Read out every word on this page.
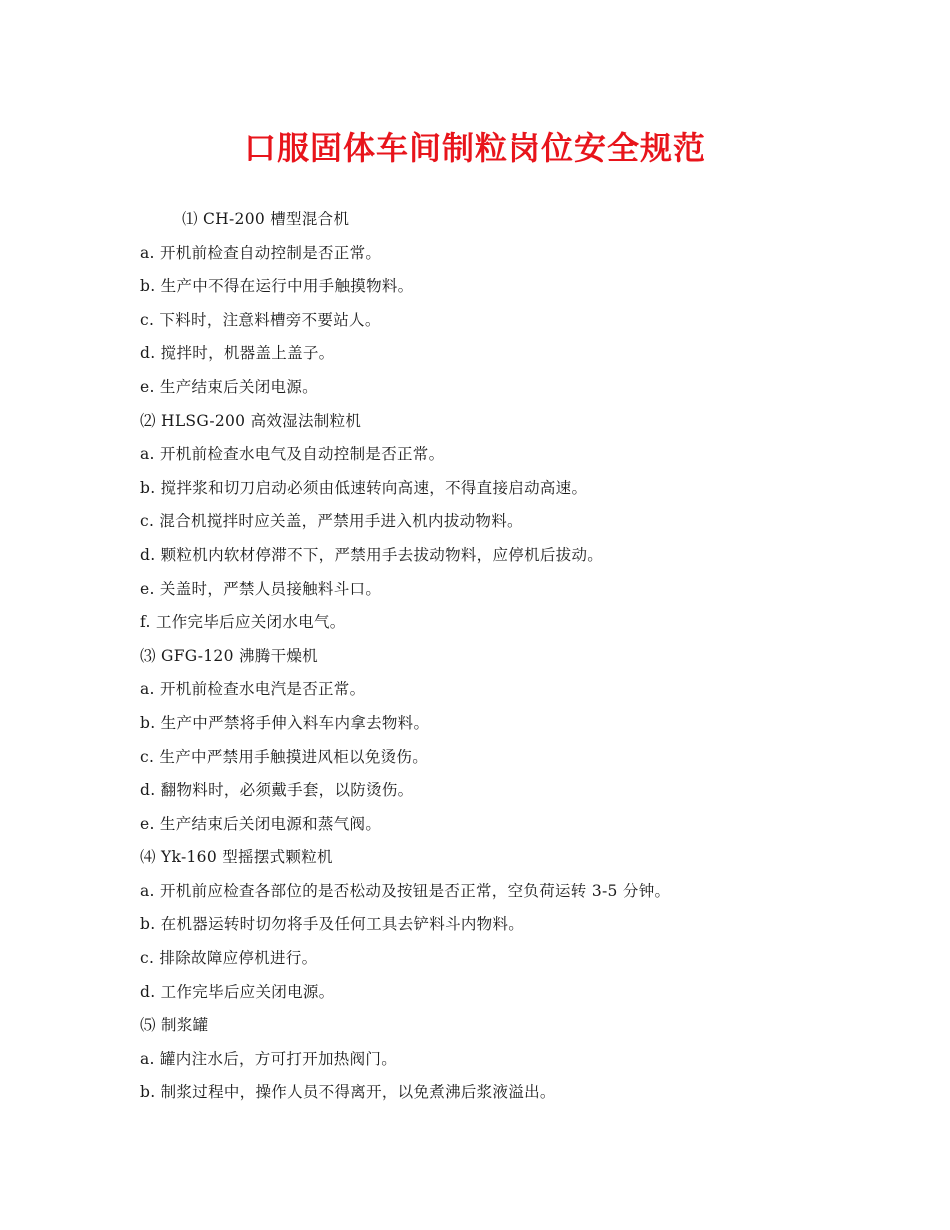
口服固体车间制粒岗位安全规范
⑴ CH-200 槽型混合机
a. 开机前检查自动控制是否正常。
b. 生产中不得在运行中用手触摸物料。
c. 下料时，注意料槽旁不要站人。
d. 搅拌时，机器盖上盖子。
e. 生产结束后关闭电源。
⑵ HLSG-200 高效湿法制粒机
a. 开机前检查水电气及自动控制是否正常。
b. 搅拌浆和切刀启动必须由低速转向高速，不得直接启动高速。
c. 混合机搅拌时应关盖，严禁用手进入机内拔动物料。
d. 颗粒机内软材停滞不下，严禁用手去拔动物料，应停机后拔动。
e. 关盖时，严禁人员接触料斗口。
f. 工作完毕后应关闭水电气。
⑶ GFG-120 沸腾干燥机
a. 开机前检查水电汽是否正常。
b. 生产中严禁将手伸入料车内拿去物料。
c. 生产中严禁用手触摸进风柜以免烫伤。
d. 翻物料时，必须戴手套，以防烫伤。
e. 生产结束后关闭电源和蒸气阀。
⑷ Yk-160 型摇摆式颗粒机
a. 开机前应检查各部位的是否松动及按钮是否正常，空负荷运转 3-5 分钟。
b. 在机器运转时切勿将手及任何工具去铲料斗内物料。
c. 排除故障应停机进行。
d. 工作完毕后应关闭电源。
⑸ 制浆罐
a. 罐内注水后，方可打开加热阀门。
b. 制浆过程中，操作人员不得离开，以免煮沸后浆液溢出。
